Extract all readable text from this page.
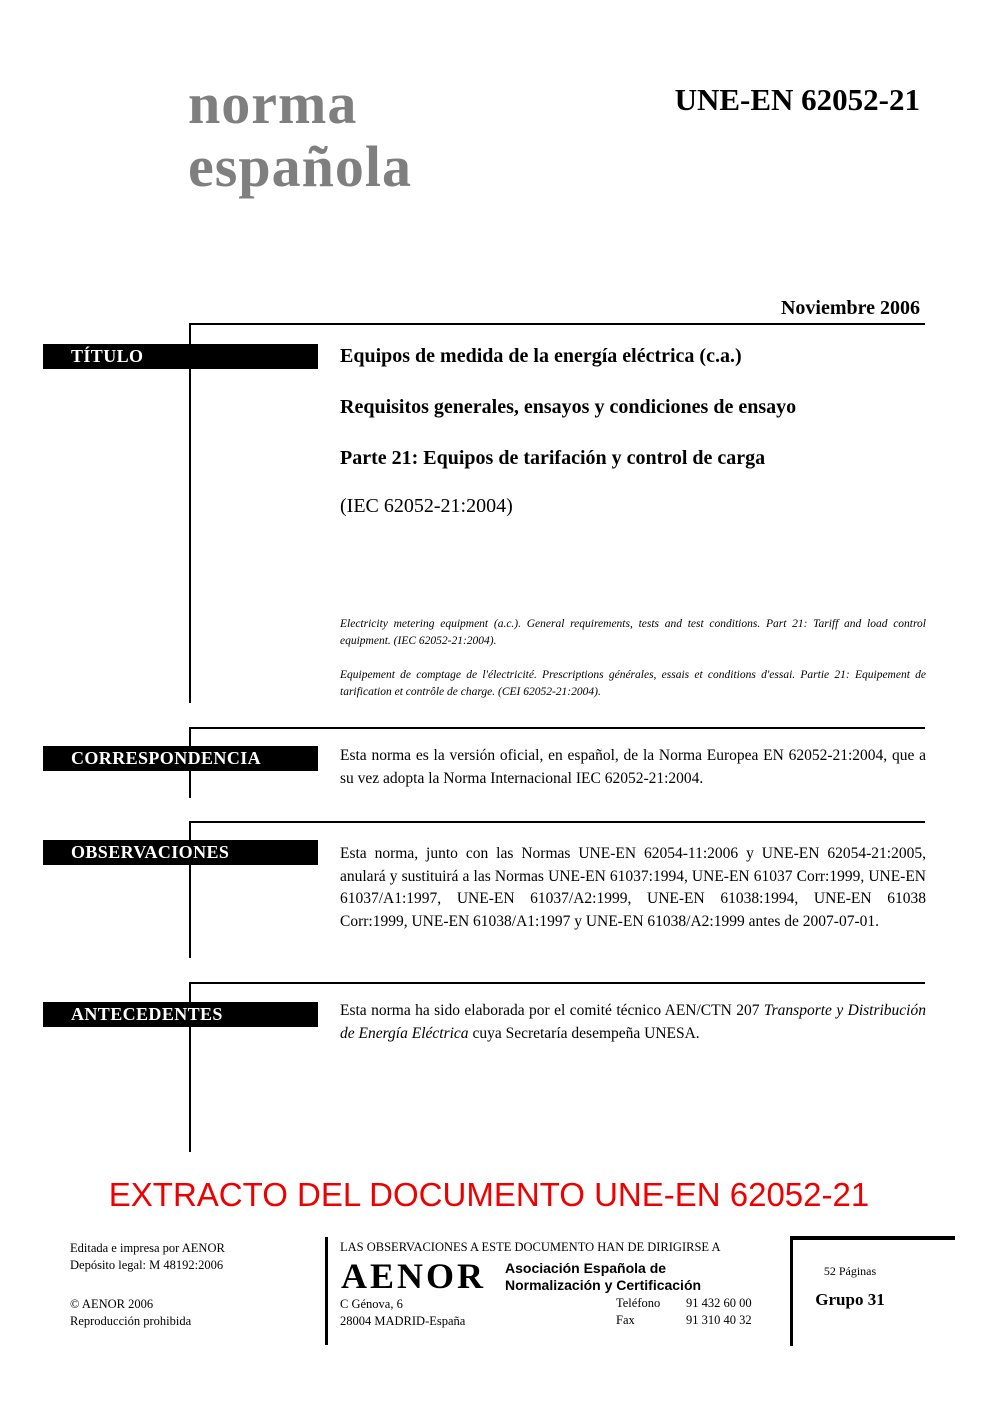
norma
española
UNE-EN 62052-21
Noviembre 2006
TÍTULO	Equipos de medida de la energía eléctrica (c.a.)
Requisitos generales, ensayos y condiciones de ensayo
Parte 21: Equipos de tarifación y control de carga
(IEC 62052-21:2004)
Electricity metering equipment (a.c.). General requirements, tests and test conditions. Part 21: Tariff and load control equipment. (IEC 62052-21:2004).
Equipement de comptage de l'électricité. Prescriptions générales, essais et conditions d'essai. Partie 21: Equipement de tarification et contrôle de charge. (CEI 62052-21:2004).
CORRESPONDENCIA	Esta norma es la versión oficial, en español, de la Norma Europea EN 62052-21:2004, que a su vez adopta la Norma Internacional IEC 62052-21:2004.
OBSERVACIONES	Esta norma, junto con las Normas UNE-EN 62054-11:2006 y UNE-EN 62054-21:2005, anulará y sustituirá a las Normas UNE-EN 61037:1994, UNE-EN 61037 Corr:1999, UNE-EN 61037/A1:1997, UNE-EN 61037/A2:1999, UNE-EN 61038:1994, UNE-EN 61038 Corr:1999, UNE-EN 61038/A1:1997 y UNE-EN 61038/A2:1999 antes de 2007-07-01.
ANTECEDENTES	Esta norma ha sido elaborada por el comité técnico AEN/CTN 207 Transporte y Distribución de Energía Eléctrica cuya Secretaría desempeña UNESA.
EXTRACTO DEL DOCUMENTO UNE-EN 62052-21
Editada e impresa por AENOR
Depósito legal: M 48192:2006
© AENOR 2006
Reproducción prohibida
LAS OBSERVACIONES A ESTE DOCUMENTO HAN DE DIRIGIRSE A
AENOR Asociación Española de
Normalización y Certificación
C Génova, 6
28004 MADRID-España
Teléfono 91 432 60 00
Fax	91 310 40 32
52 Páginas
Grupo 31
